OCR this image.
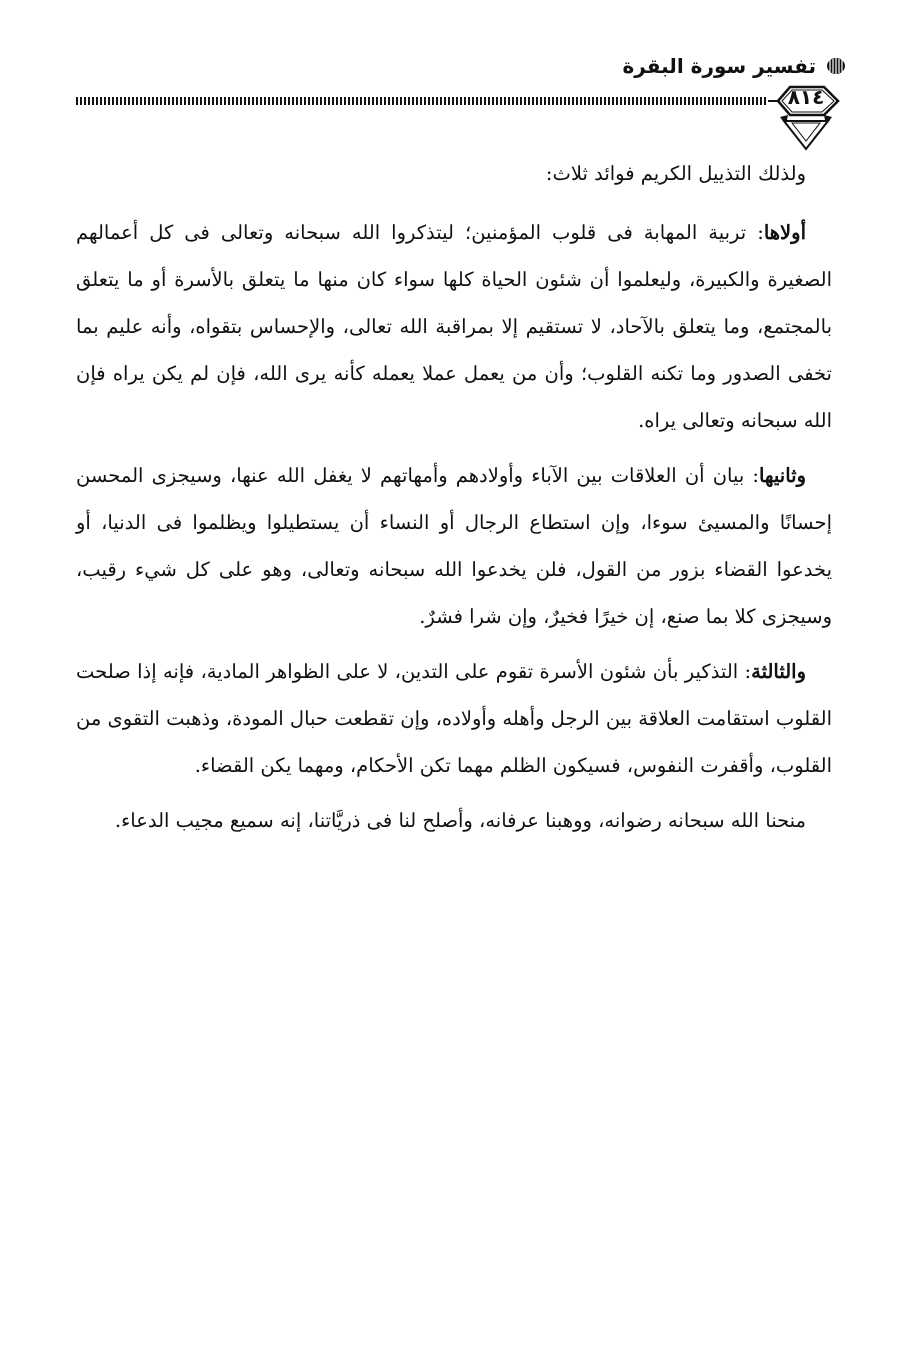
تفسير سورة البقرة
٨١٤

ولذلك التذييل الكريم فوائد ثلاث:

أولاها: تربية المهابة فى قلوب المؤمنين؛ ليتذكروا الله سبحانه وتعالى فى كل أعمالهم الصغيرة والكبيرة، وليعلموا أن شئون الحياة كلها سواء كان منها ما يتعلق بالأسرة أو ما يتعلق بالمجتمع، وما يتعلق بالآحاد، لا تستقيم إلا بمراقبة الله تعالى، والإحساس بتقواه، وأنه عليم بما تخفى الصدور وما تكنه القلوب؛ وأن من يعمل عملا يعمله كأنه يرى الله، فإن لم يكن يراه فإن الله سبحانه وتعالى يراه.

وثانيها: بيان أن العلاقات بين الآباء وأولادهم وأمهاتهم لا يغفل الله عنها، وسيجزى المحسن إحسانًا والمسيئ سوءا، وإن استطاع الرجال أو النساء أن يستطيلوا ويظلموا فى الدنيا، أو يخدعوا القضاء بزور من القول، فلن يخدعوا الله سبحانه وتعالى، وهو على كل شيء رقيب، وسيجزى كلا بما صنع، إن خيرًا فخيرٌ، وإن شرا فشرٌ.

والثالثة: التذكير بأن شئون الأسرة تقوم على التدين، لا على الظواهر المادية، فإنه إذا صلحت القلوب استقامت العلاقة بين الرجل وأهله وأولاده، وإن تقطعت حبال المودة، وذهبت التقوى من القلوب، وأقفرت النفوس، فسيكون الظلم مهما تكن الأحكام، ومهما يكن القضاء.

منحنا الله سبحانه رضوانه، ووهبنا عرفانه، وأصلح لنا فى ذريَّاتنا، إنه سميع مجيب الدعاء.
